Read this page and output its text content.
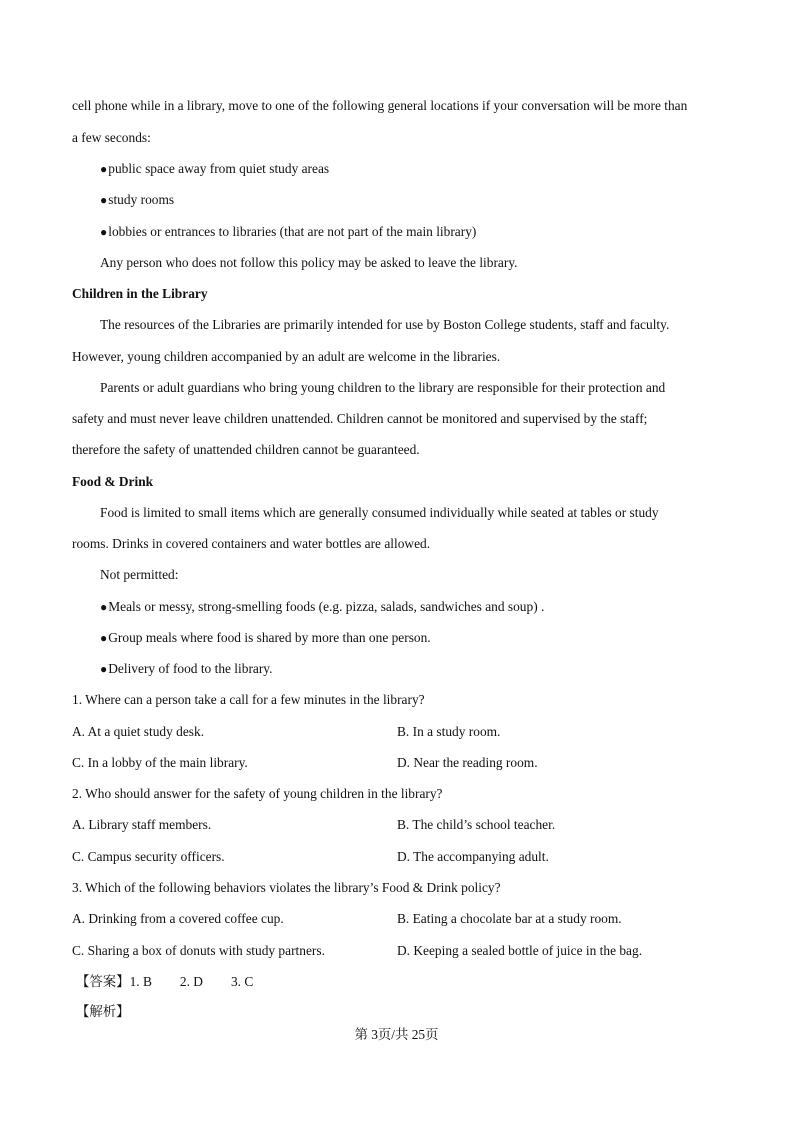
cell phone while in a library, move to one of the following general locations if your conversation will be more than
a few seconds:
● public space away from quiet study areas
● study rooms
● lobbies or entrances to libraries (that are not part of the main library)
Any person who does not follow this policy may be asked to leave the library.
Children in the Library
The resources of the Libraries are primarily intended for use by Boston College students, staff and faculty.
However, young children accompanied by an adult are welcome in the libraries.
Parents or adult guardians who bring young children to the library are responsible for their protection and
safety and must never leave children unattended. Children cannot be monitored and supervised by the staff;
therefore the safety of unattended children cannot be guaranteed.
Food & Drink
Food is limited to small items which are generally consumed individually while seated at tables or study
rooms. Drinks in covered containers and water bottles are allowed.
Not permitted:
● Meals or messy, strong-smelling foods (e.g. pizza, salads, sandwiches and soup) .
● Group meals where food is shared by more than one person.
● Delivery of food to the library.
1. Where can a person take a call for a few minutes in the library?
A. At a quiet study desk.	B. In a study room.
C. In a lobby of the main library.	D. Near the reading room.
2. Who should answer for the safety of young children in the library?
A. Library staff members.	B. The child’s school teacher.
C. Campus security officers.	D. The accompanying adult.
3. Which of the following behaviors violates the library’s Food & Drink policy?
A. Drinking from a covered coffee cup.	B. Eating a chocolate bar at a study room.
C. Sharing a box of donuts with study partners.	D. Keeping a sealed bottle of juice in the bag.
【答案】1. B 2. D 3. C
【解析】
第 3页/共 25页
